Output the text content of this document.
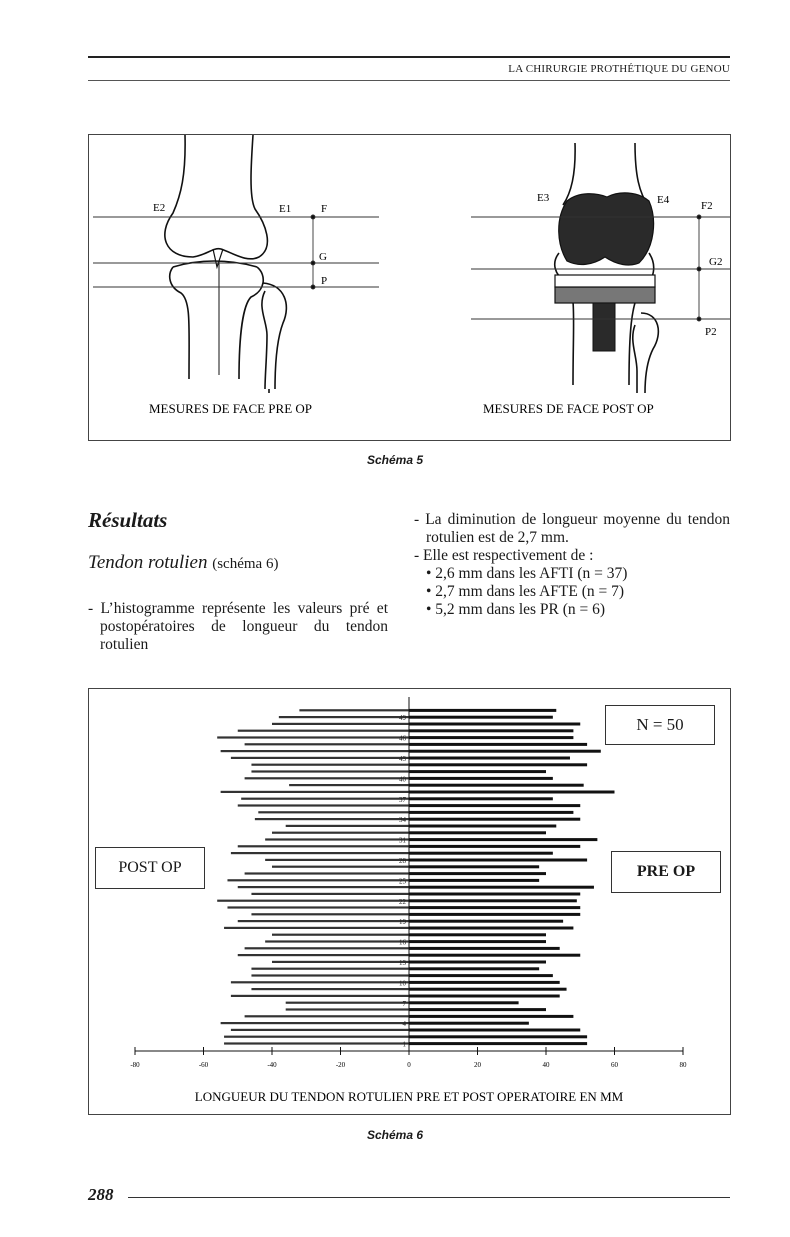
LA CHIRURGIE PROTHÉTIQUE DU GENOU
E2	E1	F
G
P
E3	E4	F2
G2
P2
MESURES DE FACE PRE OP	MESURES DE FACE POST OP
Schéma 5
Résultats
Tendon rotulien (schéma 6)

- L’histogramme représente les valeurs pré et postopératoires de longueur du tendon rotulien

- La diminution de longueur moyenne du tendon rotulien est de 2,7 mm.

- Elle est respectivement de :

• 2,6 mm dans les AFTI (n = 37)

• 2,7 mm dans les AFTE (n = 7)

• 5,2 mm dans les PR (n = 6)

1
4
7
10
13
16
19
22
25
28
31
34
37
40
43
46
49
-80	-60	-40	-20	0	20	40	60	80
LONGUEUR DU TENDON ROTULIEN PRE ET POST OPERATOIRE EN MM
N = 50
POST OP	PRE OP
Schéma 6
288
